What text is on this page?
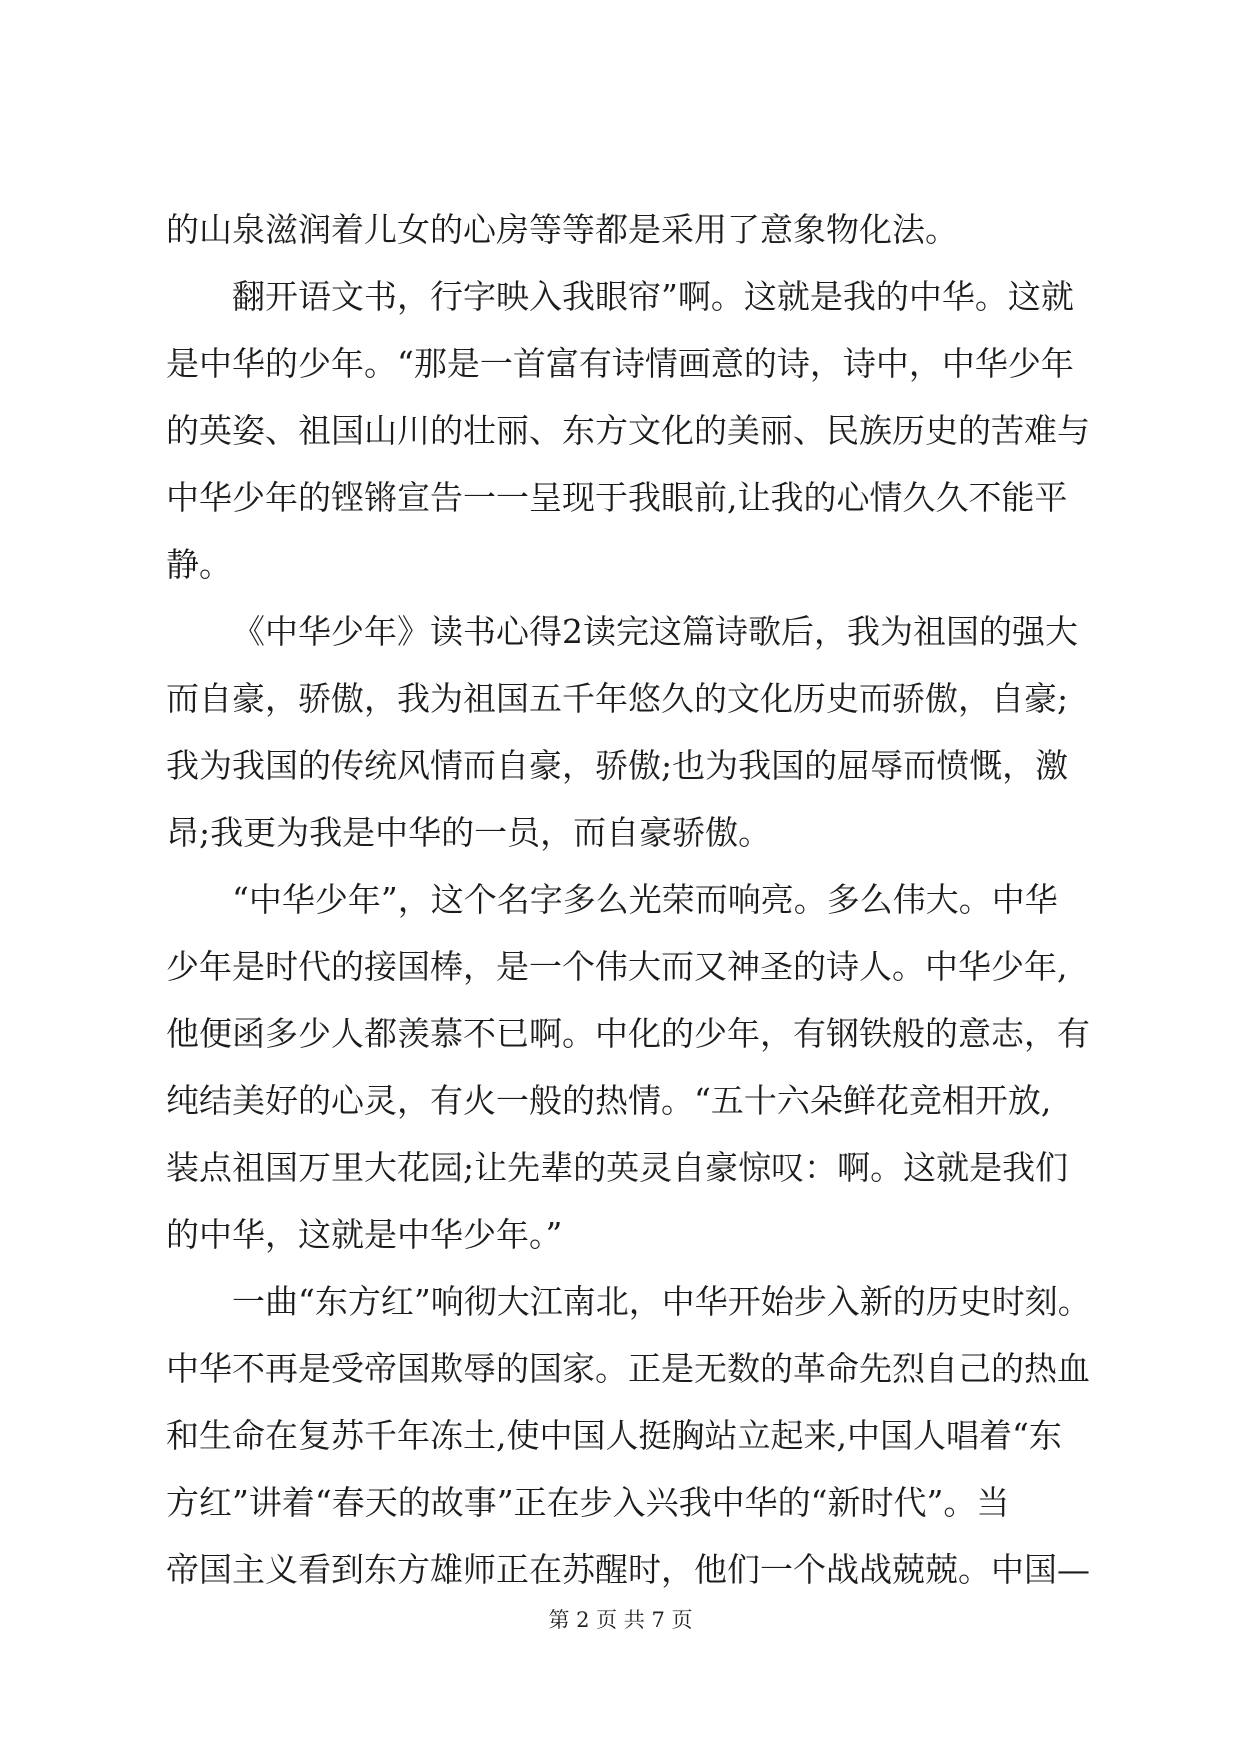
的山泉滋润着儿女的心房等等都是采用了意象物化法。
翻开语文书，行字映入我眼帘”啊。这就是我的中华。这就
是中华的少年。“那是一首富有诗情画意的诗，诗中，中华少年
的英姿、祖国山川的壮丽、东方文化的美丽、民族历史的苦难与
中华少年的铿锵宣告一一呈现于我眼前,让我的心情久久不能平
静。
《中华少年》读书心得2读完这篇诗歌后，我为祖国的强大
而自豪，骄傲，我为祖国五千年悠久的文化历史而骄傲，自豪;
我为我国的传统风情而自豪，骄傲;也为我国的屈辱而愤慨，激
昂;我更为我是中华的一员，而自豪骄傲。
“中华少年”，这个名字多么光荣而响亮。多么伟大。中华
少年是时代的接国棒，是一个伟大而又神圣的诗人。中华少年,
他便函多少人都羡慕不已啊。中化的少年，有钢铁般的意志，有
纯结美好的心灵，有火一般的热情。“五十六朵鲜花竞相开放,
装点祖国万里大花园;让先辈的英灵自豪惊叹：啊。这就是我们
的中华，这就是中华少年。”
一曲“东方红”响彻大江南北，中华开始步入新的历史时刻。
中华不再是受帝国欺辱的国家。正是无数的革命先烈自己的热血
和生命在复苏千年冻土,使中国人挺胸站立起来,中国人唱着“东
方红”讲着“春天的故事”正在步入兴我中华的“新时代”。当
帝国主义看到东方雄师正在苏醒时，他们一个战战兢兢。中国—
第 2 页 共 7 页
